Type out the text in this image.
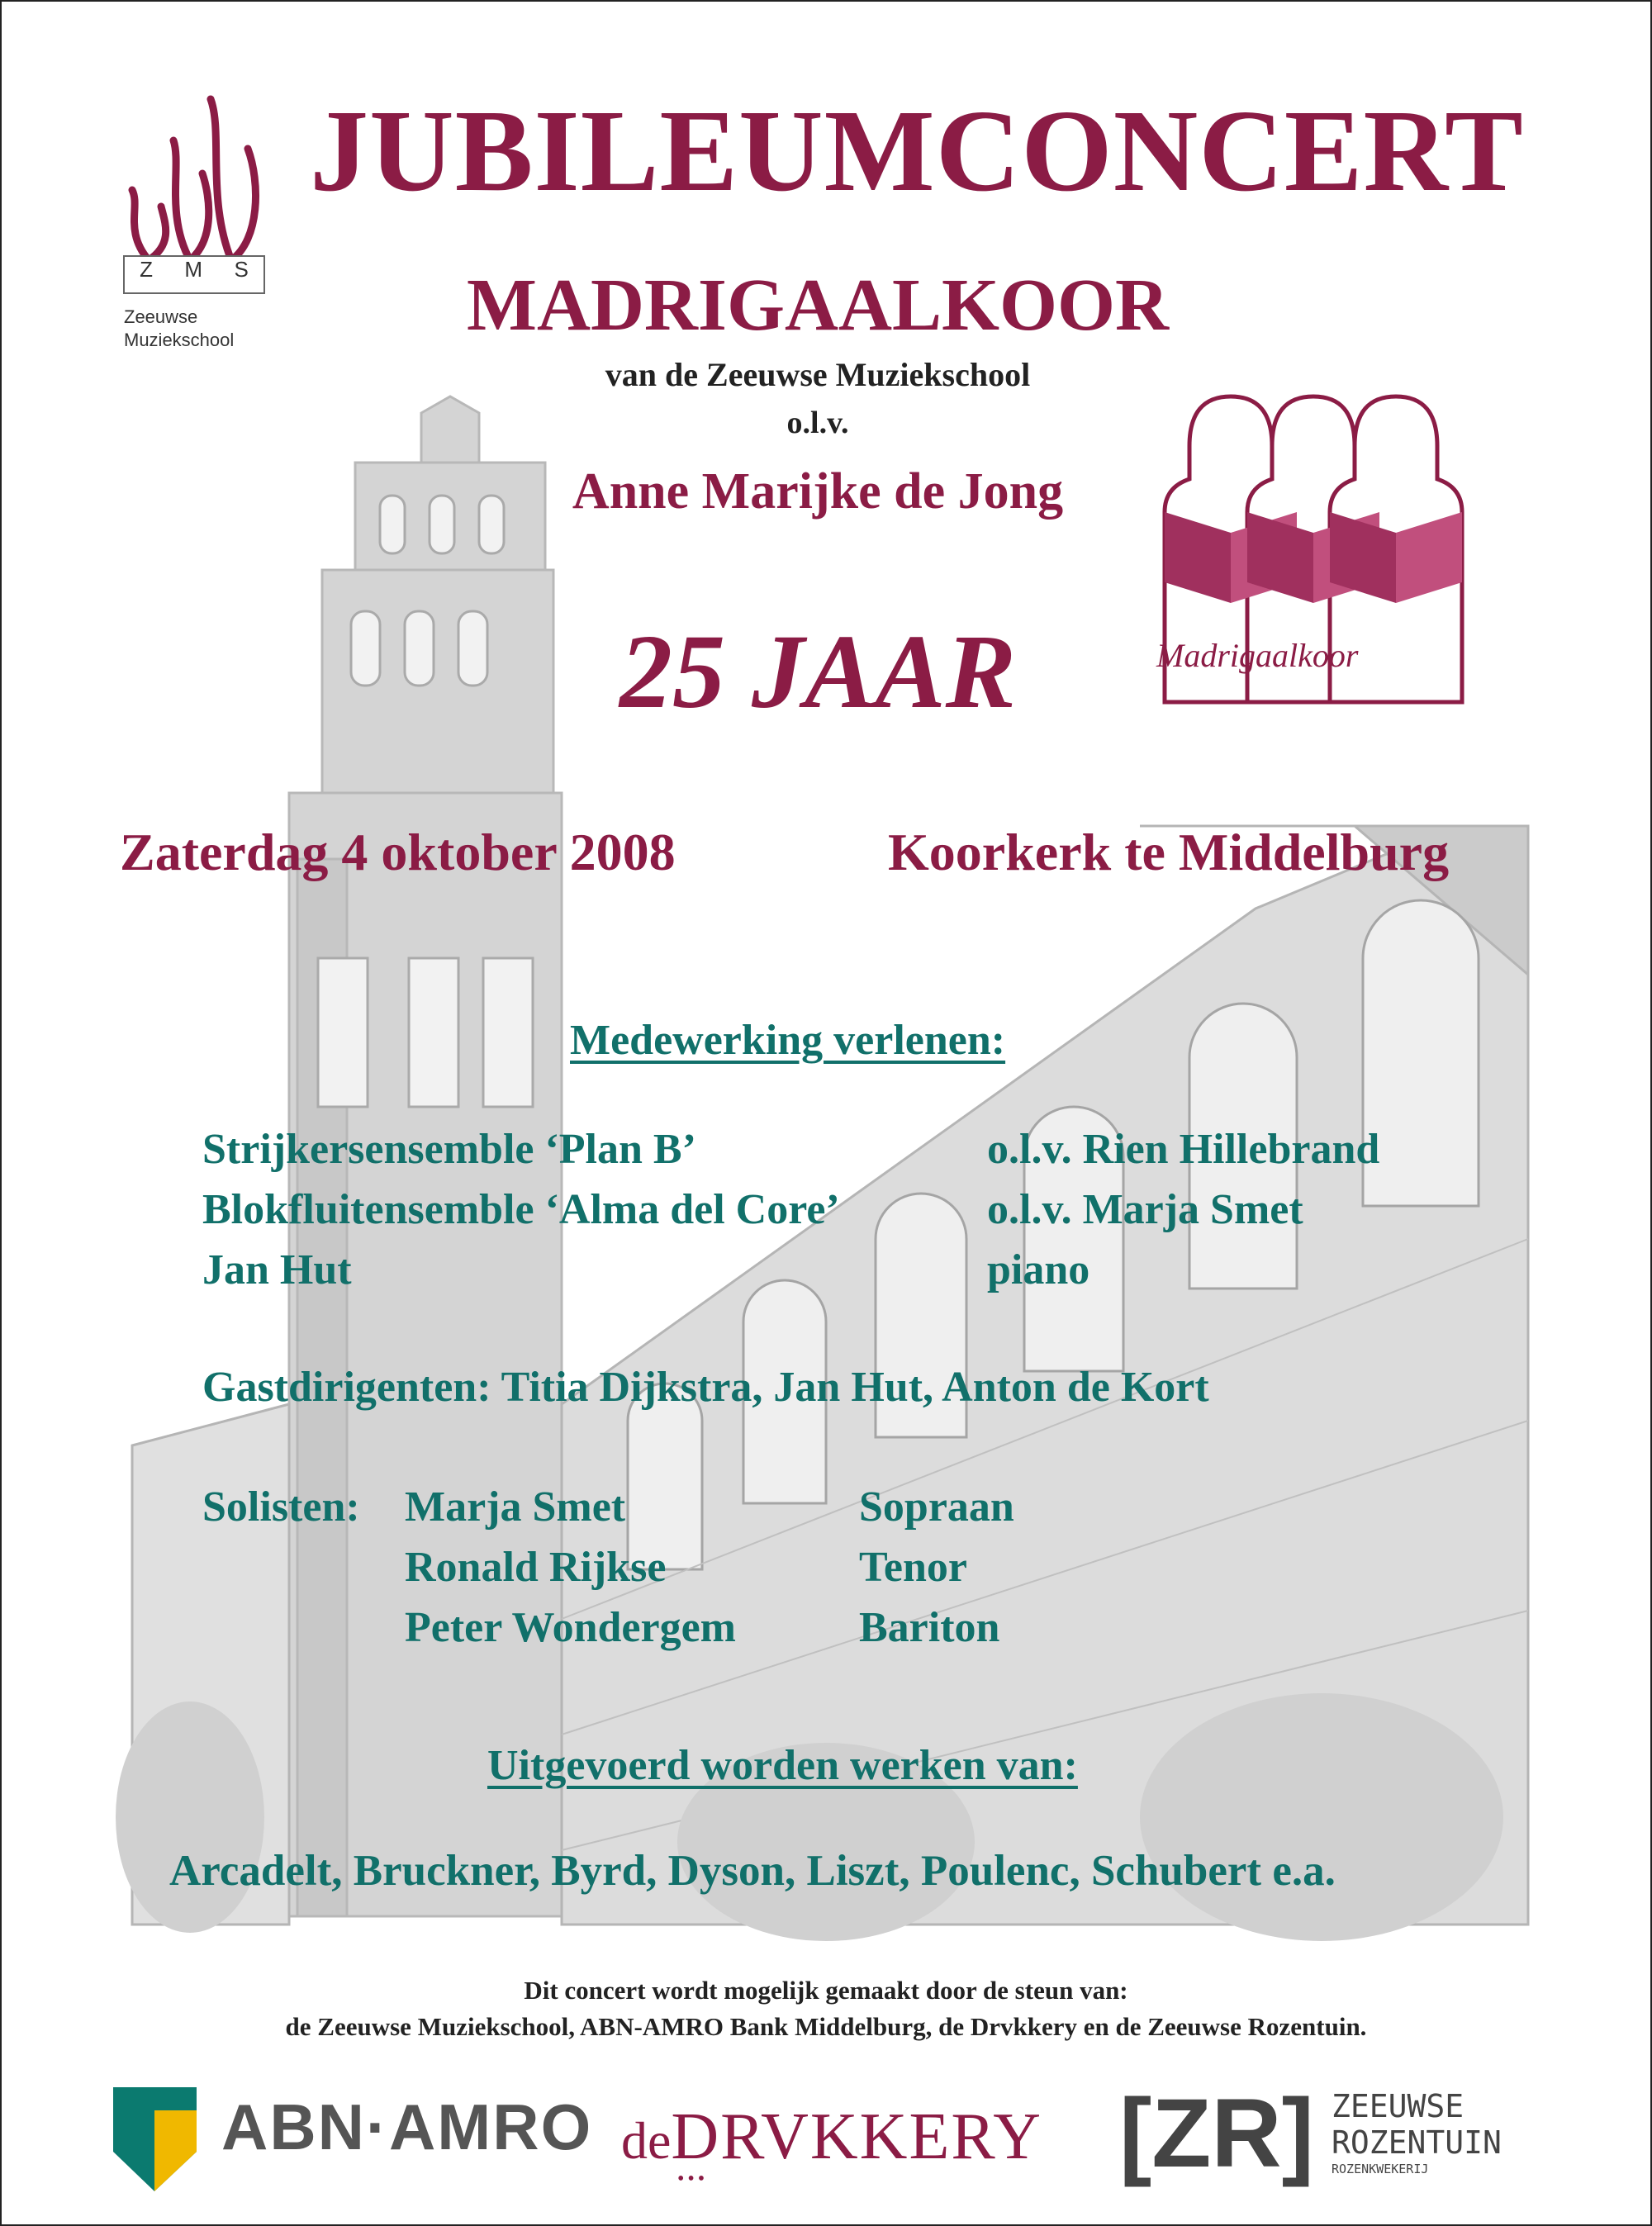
Z M S
Zeeuwse
Muziekschool
JUBILEUMCONCERT
MADRIGAALKOOR
van de Zeeuwse Muziekschool
o.l.v.
Anne Marijke de Jong
25 JAAR	Madrigaalkoor
Zaterdag 4 oktober 2008	Koorkerk te Middelburg
Medewerking verlenen:
Strijkersensemble ‘Plan B’	o.l.v. Rien Hillebrand
Blokfluitensemble ‘Alma del Core’	o.l.v. Marja Smet
Jan Hut	piano
Gastdirigenten: Titia Dijkstra, Jan Hut, Anton de Kort
Solisten: Marja Smet	Sopraan
Ronald Rijkse	Tenor
Peter Wondergem	Bariton
Uitgevoerd worden werken van:
Arcadelt, Bruckner, Byrd, Dyson, Liszt, Poulenc, Schubert e.a.
Dit concert wordt mogelijk gemaakt door de steun van:
de Zeeuwse Muziekschool, ABN-AMRO Bank Middelburg, de Drvkkery en de Zeeuwse Rozentuin.
ABN·AMRO deDRVKKERY
•••	[ZR] ZEEUWSE
ROZENTUIN
ROZENKWEKERIJ
